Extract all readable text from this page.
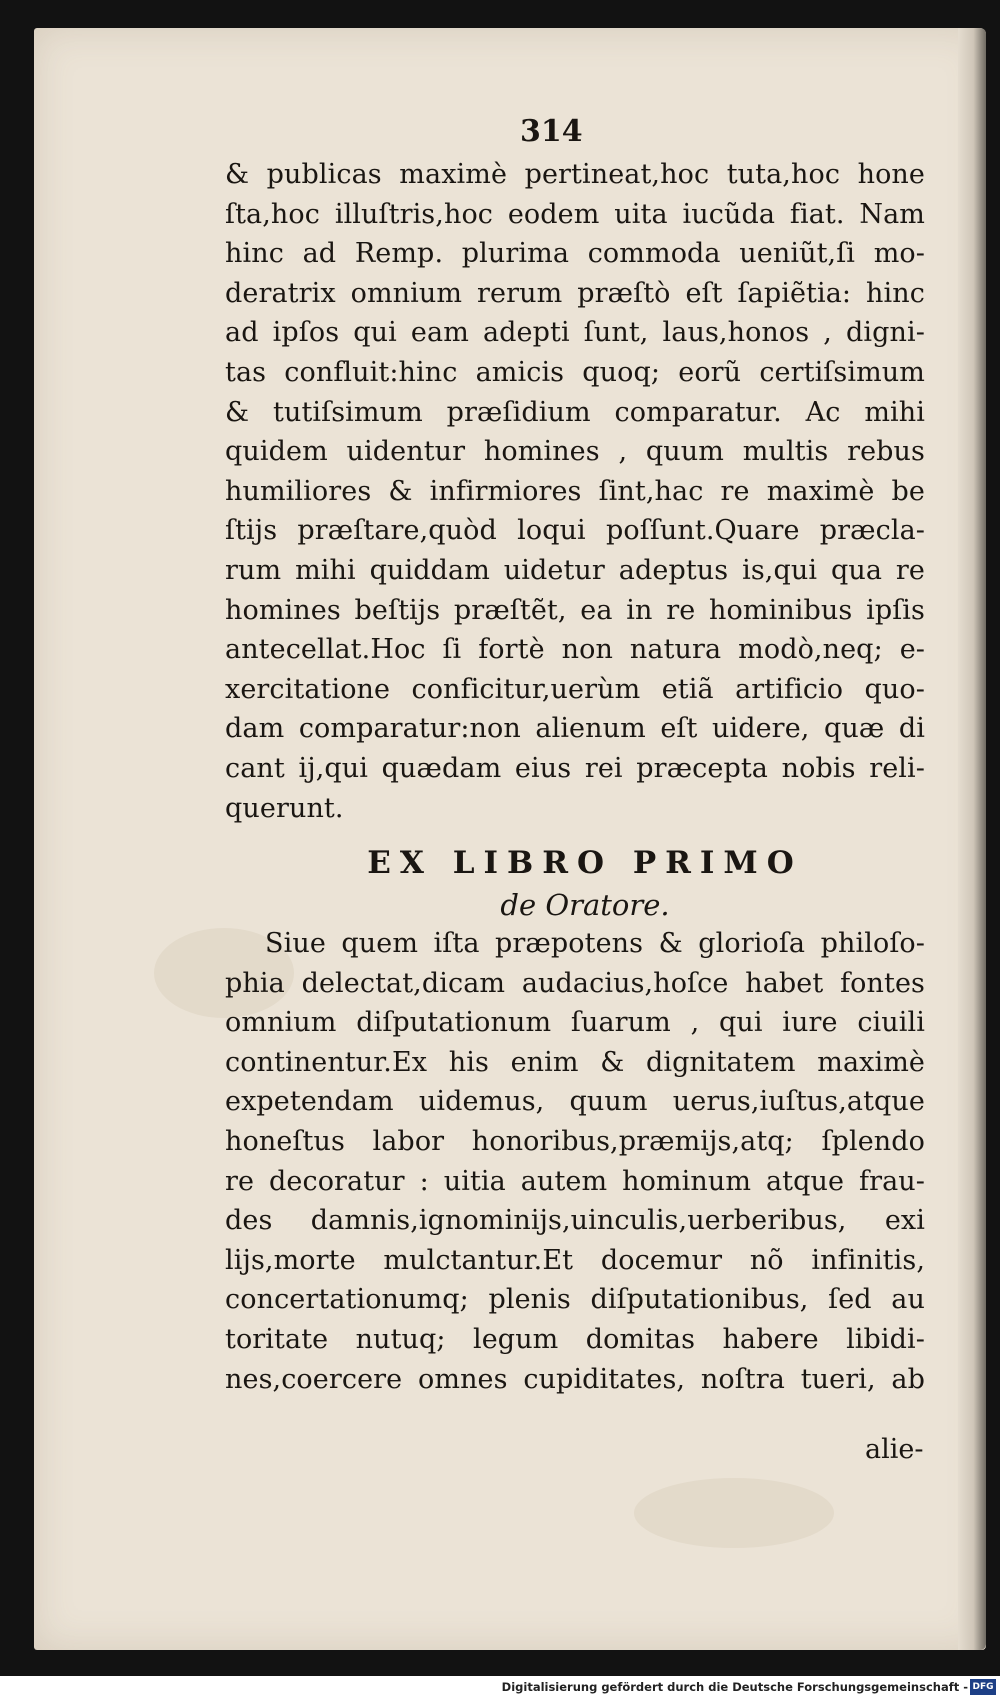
314
& publicas maximè pertineat,hoc tuta,hoc hone
ſta,hoc illuſtris,hoc eodem uita iucũda fiat. Nam
hinc ad Remp. plurima commoda ueniũt,ſi mo-
deratrix omnium rerum præſtò eſt ſapiẽtia: hinc
ad ipſos qui eam adepti ſunt, laus,honos , digni-
tas confluit:hinc amicis quoq; eorũ certiſsimum
& tutiſsimum præſidium comparatur. Ac mihi
quidem uidentur homines , quum multis rebus
humiliores & infirmiores ſint,hac re maximè be
ſtijs præſtare,quòd loqui poſſunt.Quare præcla-
rum mihi quiddam uidetur adeptus is,qui qua re
homines beſtijs præſtẽt, ea in re hominibus ipſis
antecellat.Hoc ſi fortè non natura modò,neq; e-
xercitatione conficitur,uerùm etiã artificio quo-
dam comparatur:non alienum eſt uidere, quæ di
cant ij,qui quædam eius rei præcepta nobis reli-
querunt.
EX LIBRO PRIMO
de Oratore.
Siue quem iſta præpotens & glorioſa philoſo-
phia delectat,dicam audacius,hoſce habet fontes
omnium diſputationum ſuarum , qui iure ciuili
continentur.Ex his enim & dignitatem maximè
expetendam uidemus, quum uerus,iuſtus,atque
honeſtus labor honoribus,præmijs,atq; ſplendo
re decoratur : uitia autem hominum atque frau-
des damnis,ignominijs,uinculis,uerberibus, exi
lijs,morte mulctantur.Et docemur nõ infinitis,
concertationumq; plenis diſputationibus, ſed au
toritate nutuq; legum domitas habere libidi-
nes,coercere omnes cupiditates, noſtra tueri, ab
alie-
Digitalisierung gefördert durch die Deutsche Forschungsgemeinschaft - DFG
